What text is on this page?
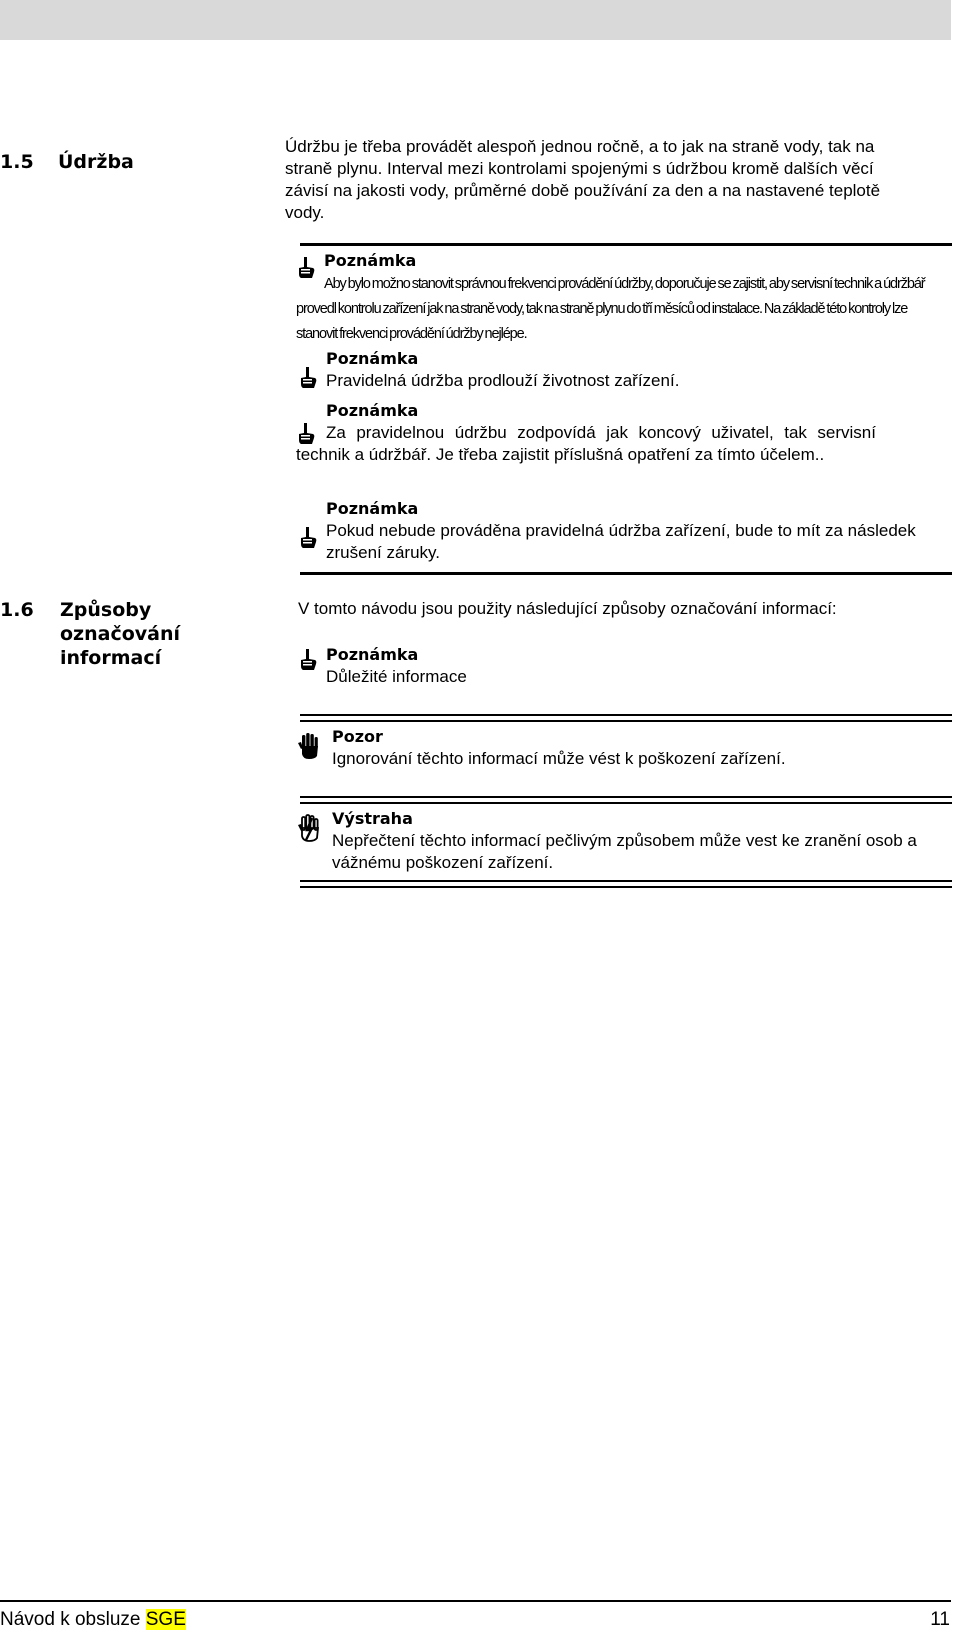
1.5 Údržba

Údržbu je třeba provádět alespoň jednou ročně, a to jak na straně vody, tak na straně plynu. Interval mezi kontrolami spojenými s údržbou kromě dalších věcí závisí na jakosti vody, průměrné době používání za den a na nastavené teplotě vody.

Poznámka

Aby bylo možno stanovit správnou frekvenci provádění údržby, doporučuje se zajistit, aby servisní technik a údržbář provedl kontrolu zařízení jak na straně vody, tak na straně plynu do tří měsíců od instalace. Na základě této kontroly lze stanovit frekvenci provádění údržby nejlépe.

Poznámka

Pravidelná údržba prodlouží životnost zařízení.

Poznámka

Za pravidelnou údržbu zodpovídá jak koncový uživatel, tak servisní technik a údržbář. Je třeba zajistit příslušná opatření za tímto účelem..

Poznámka

Pokud nebude prováděna pravidelná údržba zařízení, bude to mít za následek zrušení záruky.

1.6 Způsoby označování informací

V tomto návodu jsou použity následující způsoby označování informací:

Poznámka

Důležité informace

Pozor

Ignorování těchto informací může vést k poškození zařízení.

Výstraha

Nepřečtení těchto informací pečlivým způsobem může vest ke zranění osob a vážnému poškození zařízení.

Návod k obsluze SGE	11
